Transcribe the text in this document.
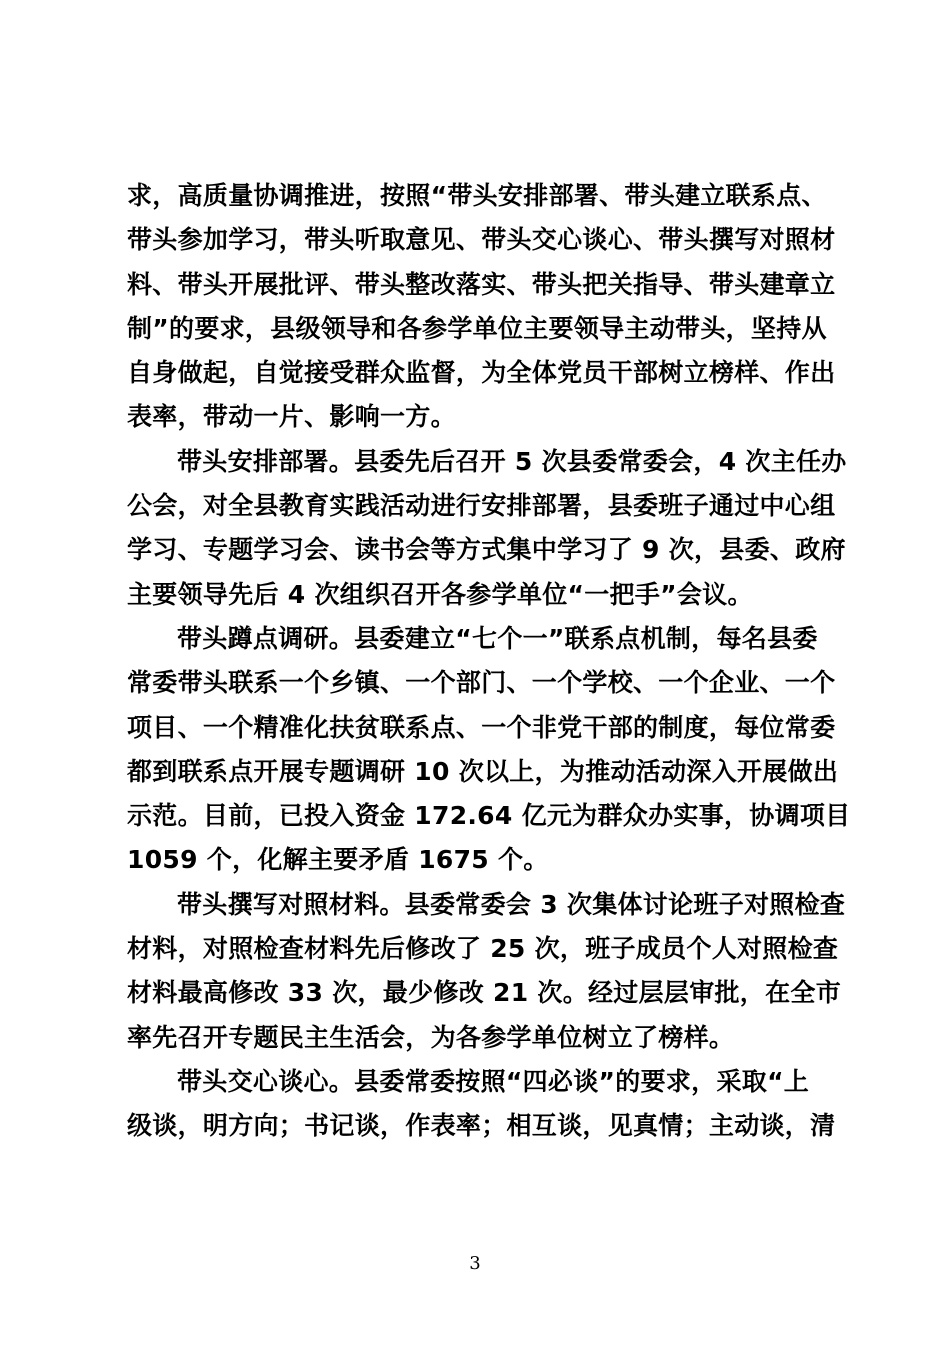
求，高质量协调推进，按照“带头安排部署、带头建立联系点、
带头参加学习，带头听取意见、带头交心谈心、带头撰写对照材
料、带头开展批评、带头整改落实、带头把关指导、带头建章立
制”的要求，县级领导和各参学单位主要领导主动带头，坚持从
自身做起，自觉接受群众监督，为全体党员干部树立榜样、作出
表率，带动一片、影响一方。
带头安排部署。县委先后召开 5 次县委常委会，4 次主任办
公会，对全县教育实践活动进行安排部署，县委班子通过中心组
学习、专题学习会、读书会等方式集中学习了 9 次，县委、政府
主要领导先后 4 次组织召开各参学单位“一把手”会议。
带头蹲点调研。县委建立“七个一”联系点机制，每名县委
常委带头联系一个乡镇、一个部门、一个学校、一个企业、一个
项目、一个精准化扶贫联系点、一个非党干部的制度，每位常委
都到联系点开展专题调研 10 次以上，为推动活动深入开展做出
示范。目前，已投入资金 172.64 亿元为群众办实事，协调项目
1059 个，化解主要矛盾 1675 个。
带头撰写对照材料。县委常委会 3 次集体讨论班子对照检查
材料，对照检查材料先后修改了 25 次，班子成员个人对照检查
材料最高修改 33 次，最少修改 21 次。经过层层审批，在全市
率先召开专题民主生活会，为各参学单位树立了榜样。
带头交心谈心。县委常委按照“四必谈”的要求，采取“上
级谈，明方向；书记谈，作表率；相互谈，见真情；主动谈，清
3
